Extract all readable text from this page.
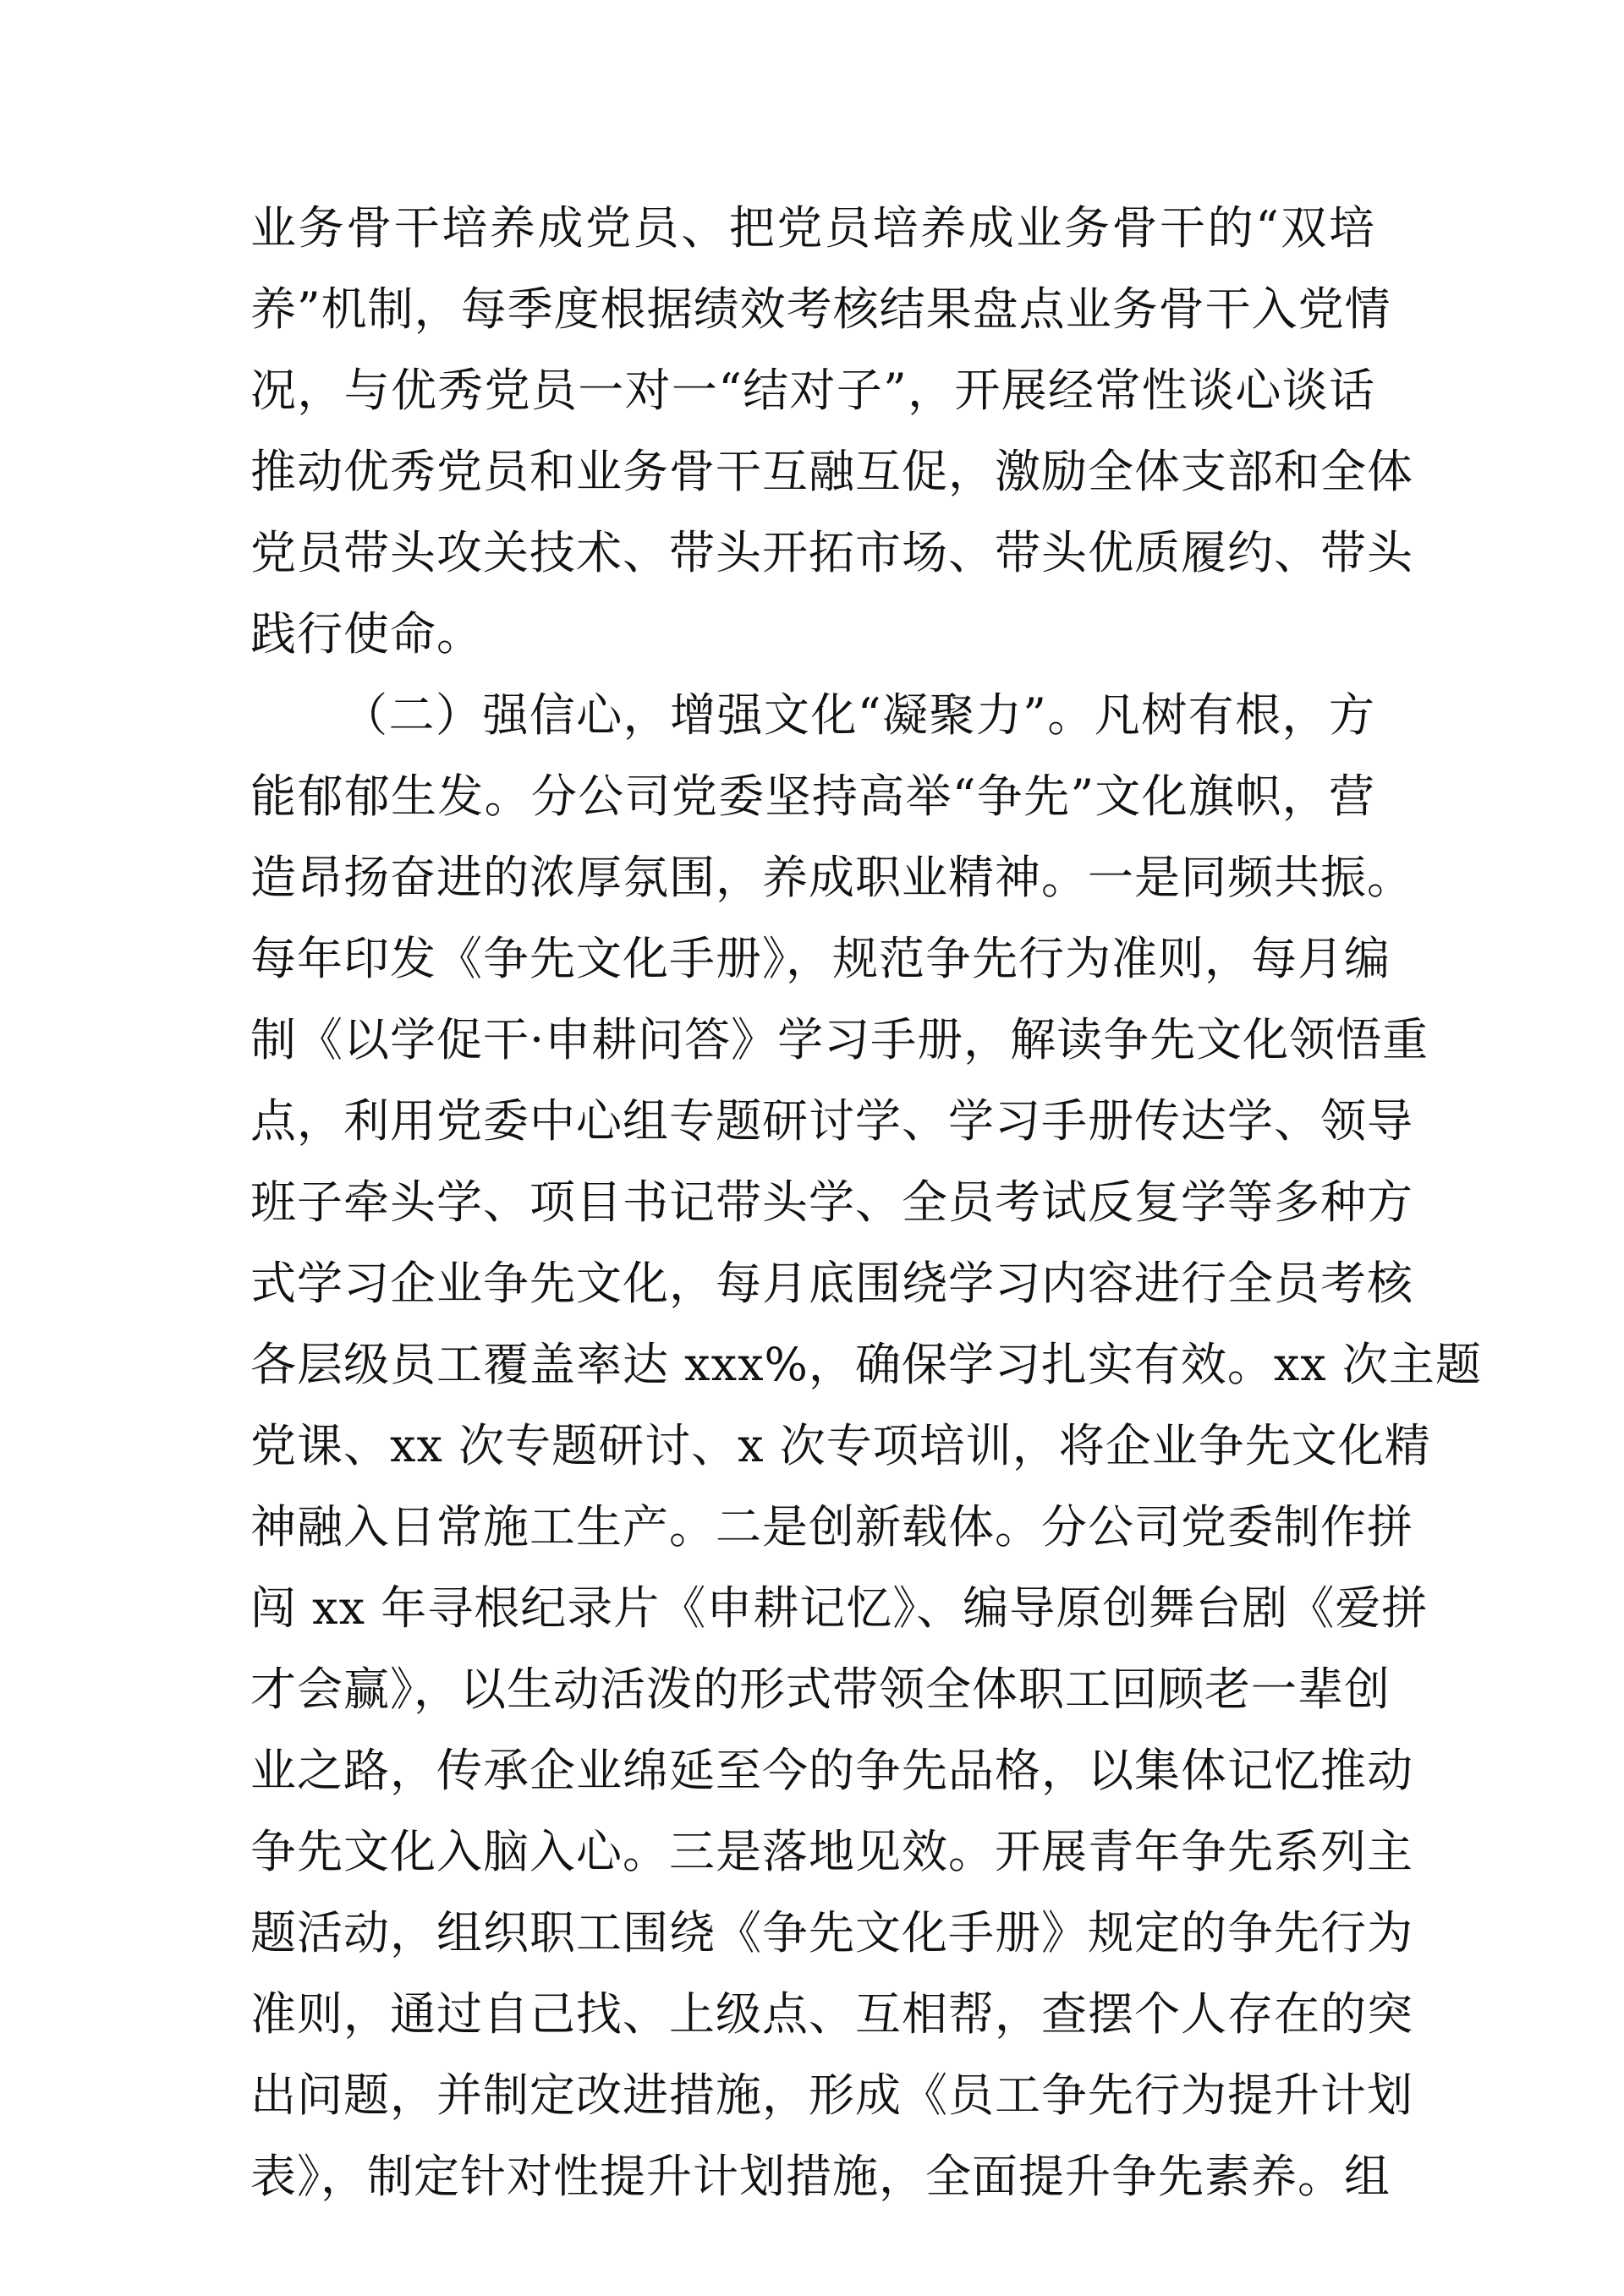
业务骨干培养成党员、把党员培养成业务骨干的“双培
养”机制，每季度根据绩效考核结果盘点业务骨干入党情
况，与优秀党员一对一“结对子”，开展经常性谈心谈话
推动优秀党员和业务骨干互融互促，激励全体支部和全体
党员带头攻关技术、带头开拓市场、带头优质履约、带头
践行使命。
（二）强信心，增强文化“凝聚力”。凡树有根，方
能郁郁生发。分公司党委坚持高举“争先”文化旗帜，营
造昂扬奋进的浓厚氛围，养成职业精神。一是同频共振。
每年印发《争先文化手册》，规范争先行为准则，每月编
制《以学促干·申耕问答》学习手册，解读争先文化领悟重
点，利用党委中心组专题研讨学、学习手册传达学、领导
班子牵头学、项目书记带头学、全员考试反复学等多种方
式学习企业争先文化，每月底围绕学习内容进行全员考核
各层级员工覆盖率达 xxx%，确保学习扎实有效。xx 次主题
党课、xx 次专题研讨、x 次专项培训，将企业争先文化精
神融入日常施工生产。二是创新载体。分公司党委制作拼
闯 xx 年寻根纪录片《申耕记忆》、编导原创舞台剧《爱拼
才会赢》，以生动活泼的形式带领全体职工回顾老一辈创
业之路，传承企业绵延至今的争先品格，以集体记忆推动
争先文化入脑入心。三是落地见效。开展青年争先系列主
题活动，组织职工围绕《争先文化手册》规定的争先行为
准则，通过自己找、上级点、互相帮，查摆个人存在的突
出问题，并制定改进措施，形成《员工争先行为提升计划
表》，制定针对性提升计划措施，全面提升争先素养。组
